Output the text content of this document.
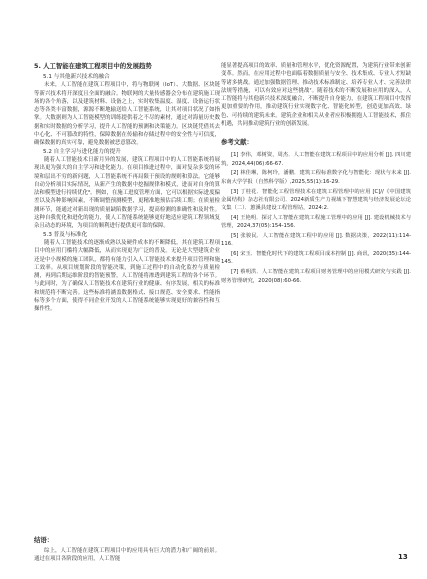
5. 人工智能在建筑工程项目中的发展趋势
5.1 与其他新兴技术的融合

未来，人工智能在建筑工程项目中，将与物联网（IoT）、大数据、区块链等新兴技术将开深度且全面的融合。物联网的大量传感器会分布在建筑施工现场的各个角落，以及建筑材料、设备之上，实时收集温度、湿度、设备运行状态等各类丰富数据，源源不断地输送给人工智能系统，让其对项目状况了如指掌。大数据则为人工智能模型的训练提供着之不尽的素材，通过对海量历史数据和实时数据的分析学习，提升人工智能的预测和决策能力。区块链凭借其去中心化、不可篡改的特性，保障数据在传输和存储过程中的安全性与可信度，确保数据的真实可靠，避免数据被恶意篡改。

5.2 自主学习与进化能力的提升

随着人工智能技术日新月异的发展，建筑工程项目中的人工智能系统将展现出更为强大的自主学习和进化能力。在项目推进过程中，面对复杂多变的环境和层出不穷的新问题，人工智能系统不再局限于预设的规则和算法。它能够自动分析项目实际情况，从新产生的数据中挖掘规律和模式，进而对自身的算法和模型进行持续优化⁶。例如，在施工进度管理方面，它可以根据实际进度偏差以及各种影响因素，不断调整预测模型，更精准地预估后续工期；在质量检测环节，能通过对新出现的质量缺陷数据学习，提高检测的准确性和及时性。这种自我优化和进化的能力，使人工智能系统能够更好地适应建筑工程领域复杂且动态的环境，为项目的顺利进行提供更可靠的保障。

5.3 普及与标准化

随着人工智能技术的逐渐成熟以及硬件成本的不断降低，其在建筑工程项目中的应用门槛将大幅降低，从而实现更为广泛的普及。无论是大型建筑企业还是中小规模的施工团队，都将有能力引入人工智能技术来提升项目管理和施工效率。从项目规划阶段的智能决策，到施工过程中的自动化监控与质量检测，再到后期运维阶段的智能预警，人工智能将渗透到建筑工程的各个环节。与此同时，为了确保人工智能技术在建筑行业的健康、有序发展，相关的标准和规范将不断完善。这些标准将涵盖数据格式、接口规范、安全要求、性能指标等多个方面，使得不同企业开发的人工智能系统能够实现更好的兼容性和互操作性。

能显著提高项目的效率、质量和管理水平，优化资源配置，为建筑行业带来创新变革。然而，在应用过程中也面临着数据质量与安全、技术集成、专业人才短缺等诸多挑战。通过加强数据管理、推动技术标准制定、培养专业人才、完善法律法规等措施，可以有效应对这些挑战⁷。随着技术的不断发展和应用的深入，人工智能将与其他新兴技术深度融合，不断提升自身能力，在建筑工程项目中发挥更加重要的作用，推动建筑行业实现数字化、智能化转型，创造更加高效、绿色、可持续的建筑未来。建筑企业和相关从业者应积极拥抱人工智能技术，抓住机遇，共同推动建筑行业的创新发展。

参考文献：

[1] 李伟，邓树资，周杰．人工智能在建筑工程项目中的应用分析 [J]. 四川建筑，2024,44(06):66-67.

[2] 林佳琳，陈柯玲，潘鹏．建筑工程标准数字化与智能化：现状与未来 [J]. 东南大学学报（自然科学版）,2025,55(1):16-29.

[3] 丁桂花．智能化工程管理技术在建筑工程管理中的应用 [C]//《中国建筑金属结构》杂志社有限公司．2024新质生产力视域下智慧建筑与经济发展论坛论文集（二）．蕙溪县建设工程管理站，2024:2.

[4] 王艳明．探讨人工智能在建筑工程施工管理中的应用 [J]. 建设机械技术与管理，2024,37(05):154-156.

[5] 张骏民．人工智能在建筑工程中的应用 [J]. 数据决策，2022(11):114-116.

[6] 宋玉．智能化时代下的建筑工程项目成本控制 [J]. 商讯，2020(35):144-145.

[7] 蔡明洪．人工智能在建筑工程项目财务管理中的应用模式研究与实践 [J]. 财务管理研究，2020(08):60-66.

结语：

综上，人工智能在建筑工程项目中的应用具有巨大的潜力和广阔的前景。通过在项目各阶段的应用，人工智能	13
